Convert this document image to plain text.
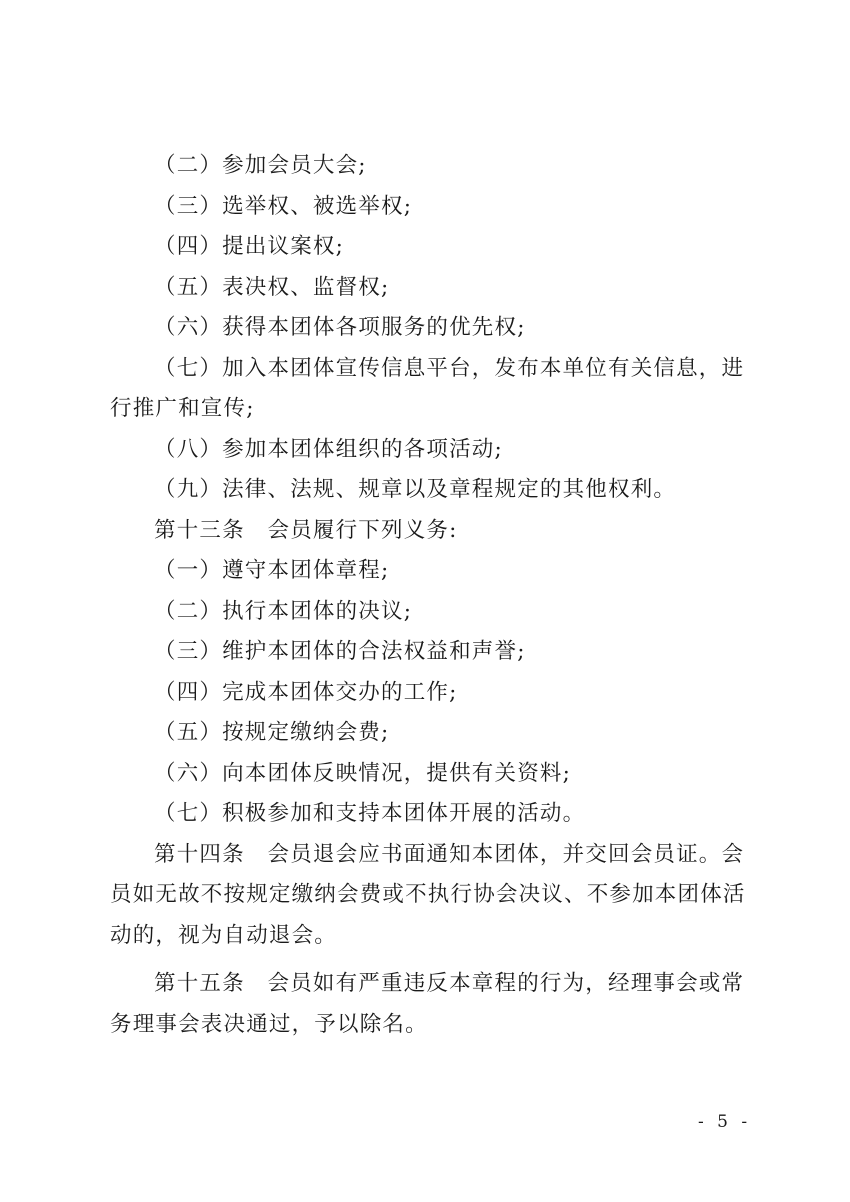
（二）参加会员大会;
（三）选举权、被选举权;
（四）提出议案权;
（五）表决权、监督权;
（六）获得本团体各项服务的优先权;
（七）加入本团体宣传信息平台，发布本单位有关信息，进
行推广和宣传;
（八）参加本团体组织的各项活动;
（九）法律、法规、规章以及章程规定的其他权利。
第十三条　会员履行下列义务:
（一）遵守本团体章程;
（二）执行本团体的决议;
（三）维护本团体的合法权益和声誉;
（四）完成本团体交办的工作;
（五）按规定缴纳会费;
（六）向本团体反映情况，提供有关资料;
（七）积极参加和支持本团体开展的活动。
第十四条　会员退会应书面通知本团体，并交回会员证。会
员如无故不按规定缴纳会费或不执行协会决议、不参加本团体活
动的，视为自动退会。
第十五条　会员如有严重违反本章程的行为，经理事会或常
务理事会表决通过，予以除名。
- 5 -
